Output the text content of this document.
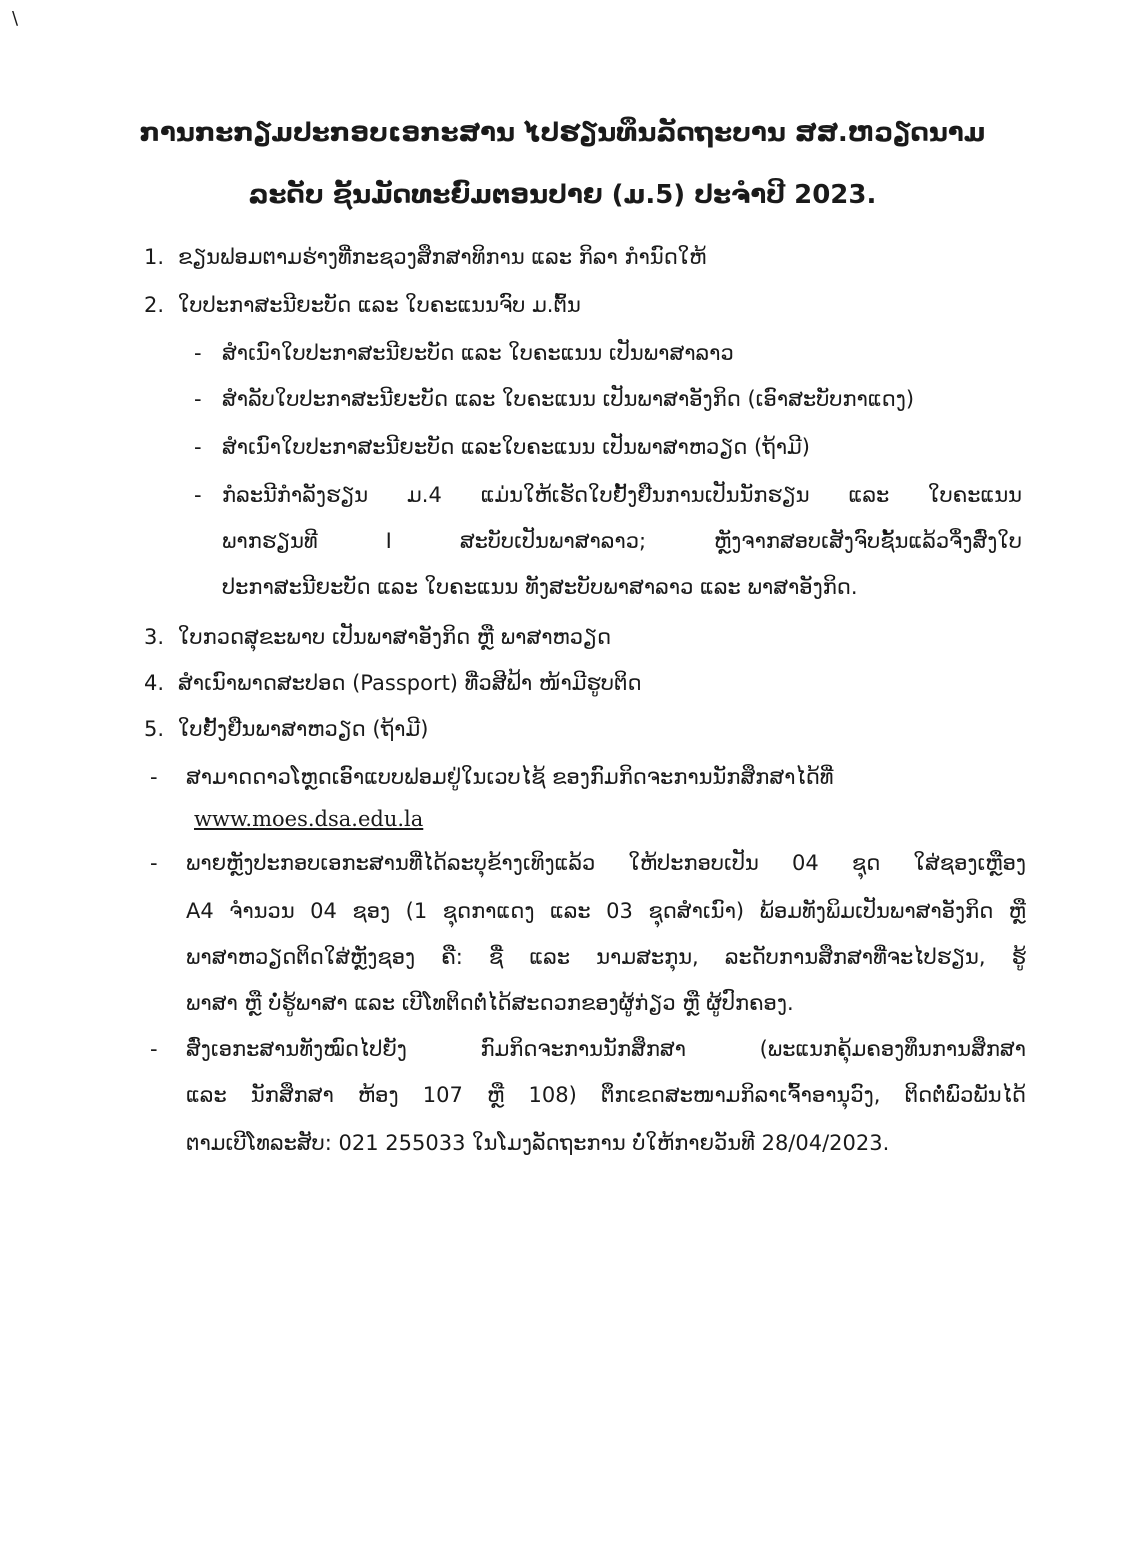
\
ການກະກຽມປະກອບເອກະສານ ໄປຮຽນທຶນລັດຖະບານ ສສ.ຫວຽດນາມ
ລະດັບ ຊັ້ນມັດທະຍົມຕອນປາຍ (ມ.5) ປະຈໍາປີ 2023.
1. ຂຽນຟອມຕາມຮ່າງທີ່ກະຊວງສຶກສາທິການ ແລະ ກິລາ ກໍານົດໃຫ້
2. ໃບປະກາສະນີຍະບັດ ແລະ ໃບຄະແນນຈົບ ມ.ຕົ້ນ
- ສໍາເນົາໃບປະກາສະນີຍະບັດ ແລະ ໃບຄະແນນ ເປັນພາສາລາວ
- ສໍາລັບໃບປະກາສະນີຍະບັດ ແລະ ໃບຄະແນນ ເປັນພາສາອັງກິດ (ເອົາສະບັບກາແດງ)
- ສໍາເນົາໃບປະກາສະນີຍະບັດ ແລະໃບຄະແນນ ເປັນພາສາຫວຽດ (ຖ້າມີ)
- ກໍລະນີກໍາລັງຮຽນ ມ.4 ແມ່ນໃຫ້ເຮັດໃບຢັ້ງຢືນການເປັນນັກຮຽນ ແລະ ໃບຄະແນນ
ພາກຮຽນທີ I ສະບັບເປັນພາສາລາວ; ຫຼັງຈາກສອບເສັງຈົບຊັ້ນແລ້ວຈຶ່ງສົ່ງໃບ
ປະກາສະນີຍະບັດ ແລະ ໃບຄະແນນ ທັງສະບັບພາສາລາວ ແລະ ພາສາອັງກິດ.
3. ໃບກວດສຸຂະພາບ ເປັນພາສາອັງກິດ ຫຼື ພາສາຫວຽດ
4. ສໍາເນົາພາດສະປອດ (Passport) ທີ່ວສີຟ້າ ໜ້າມີຮູບຕິດ
5. ໃບຢັ້ງຢືນພາສາຫວຽດ (ຖ້າມີ)
- ສາມາດດາວໂຫຼດເອົາແບບຟອມຢູ່ໃນເວບໄຊ້ ຂອງກົມກິດຈະການນັກສຶກສາໄດ້ທີ່
www.moes.dsa.edu.la
- ພາຍຫຼັງປະກອບເອກະສານທີ່ໄດ້ລະບຸຂ້າງເທິງແລ້ວ ໃຫ້ປະກອບເປັນ 04 ຊຸດ ໃສ່ຊອງເຫຼືອງ
A4 ຈໍານວນ 04 ຊອງ (1 ຊຸດກາແດງ ແລະ 03 ຊຸດສໍາເນົາ) ພ້ອມທັງພິມເປັນພາສາອັງກິດ ຫຼື
ພາສາຫວຽດຕິດໃສ່ຫຼັງຊອງ ຄື: ຊື່ ແລະ ນາມສະກຸນ, ລະດັບການສຶກສາທີ່ຈະໄປຮຽນ, ຮູ້
ພາສາ ຫຼື ບໍ່ຮູ້ພາສາ ແລະ ເບີໂທຕິດຕໍ່ໄດ້ສະດວກຂອງຜູ້ກ່ຽວ ຫຼື ຜູ້ປົກຄອງ.
- ສົ່ງເອກະສານທັງໝົດໄປຍັງ ກົມກິດຈະການນັກສຶກສາ (ພະແນກຄຸ້ມຄອງທຶນການສຶກສາ
ແລະ ນັກສຶກສາ ຫ້ອງ 107 ຫຼື 108) ຕຶກເຂດສະໜາມກິລາເຈົ້າອານຸວົງ, ຕິດຕໍ່ພົວພັນໄດ້
ຕາມເບີໂທລະສັບ: 021 255033 ໃນໂມງລັດຖະການ ບໍ່ໃຫ້ກາຍວັນທີ 28/04/2023.
